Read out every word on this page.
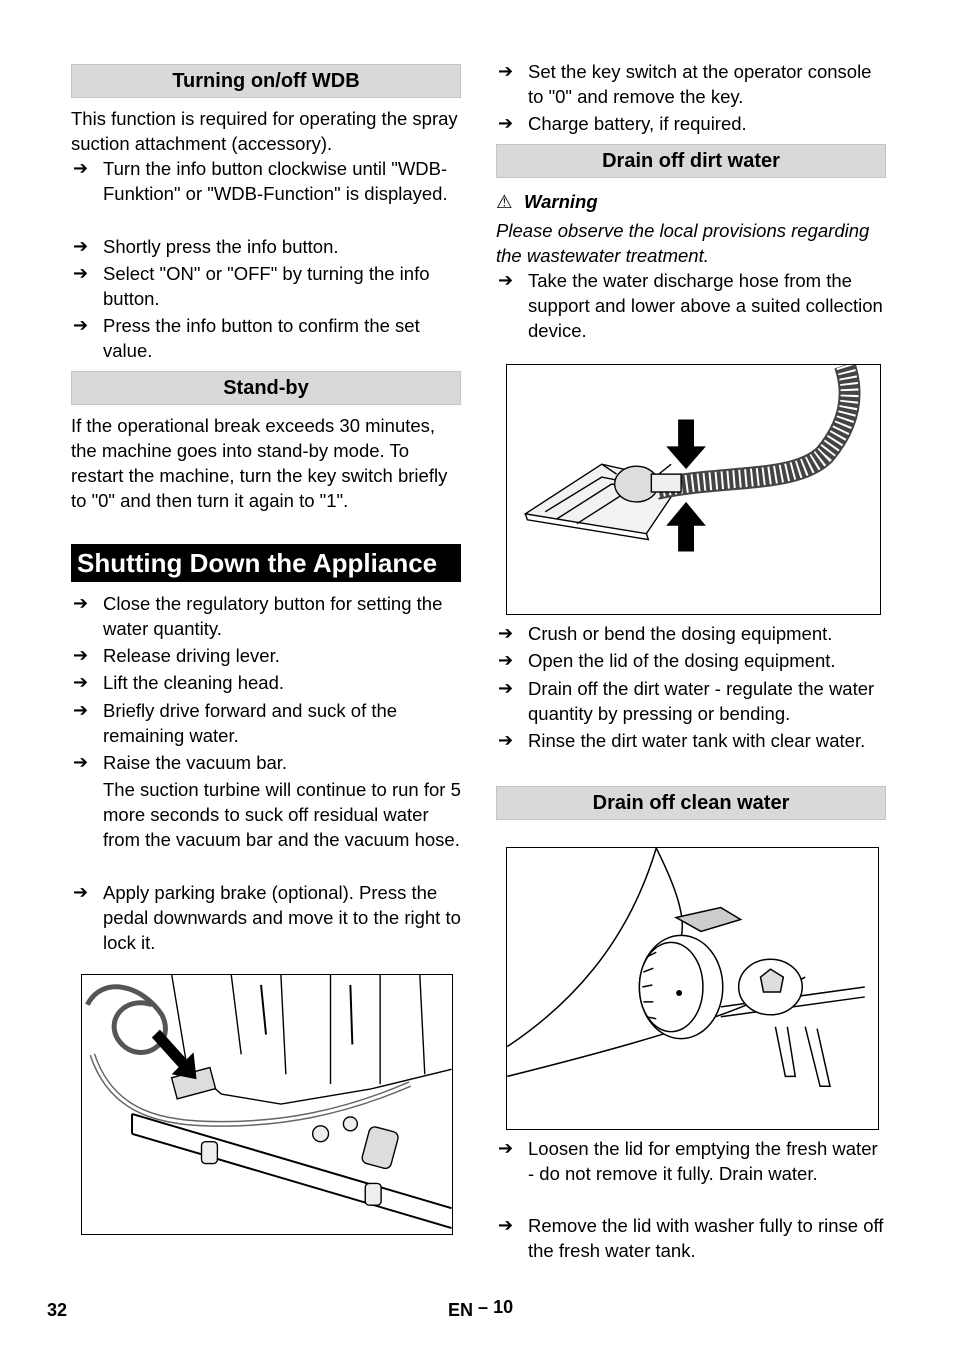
Turning on/off WDB
This function is required for operating the spray suction attachment (accessory).
➔ Turn the info button clockwise until "WDB-Funktion" or "WDB-Function" is displayed.
➔ Shortly press the info button.
➔ Select "ON" or "OFF" by turning the info button.
➔ Press the info button to confirm the set value.
Stand-by
If the operational break exceeds 30 minutes, the machine goes into stand-by mode. To restart the machine, turn the key switch briefly to "0" and then turn it again to "1".
Shutting Down the Appliance
➔ Close the regulatory button for setting the water quantity.
➔ Release driving lever.
➔ Lift the cleaning head.
➔ Briefly drive forward and suck of the remaining water.
➔ Raise the vacuum bar.
The suction turbine will continue to run for 5 more seconds to suck off residual water from the vacuum bar and the vacuum hose.
➔ Apply parking brake (optional). Press the pedal downwards and move it to the right to lock it.
➔ Set the key switch at the operator console to "0" and remove the key.
➔ Charge battery, if required.
Drain off dirt water
⚠ Warning
Please observe the local provisions regarding the wastewater treatment.
➔ Take the water discharge hose from the support and lower above a suited collection device.
➔ Crush or bend the dosing equipment.
➔ Open the lid of the dosing equipment.
➔ Drain off the dirt water - regulate the water quantity by pressing or bending.
➔ Rinse the dirt water tank with clear water.
Drain off clean water
➔ Loosen the lid for emptying the fresh water - do not remove it fully. Drain water.
➔ Remove the lid with washer fully to rinse off the fresh water tank.
32	EN – 10
